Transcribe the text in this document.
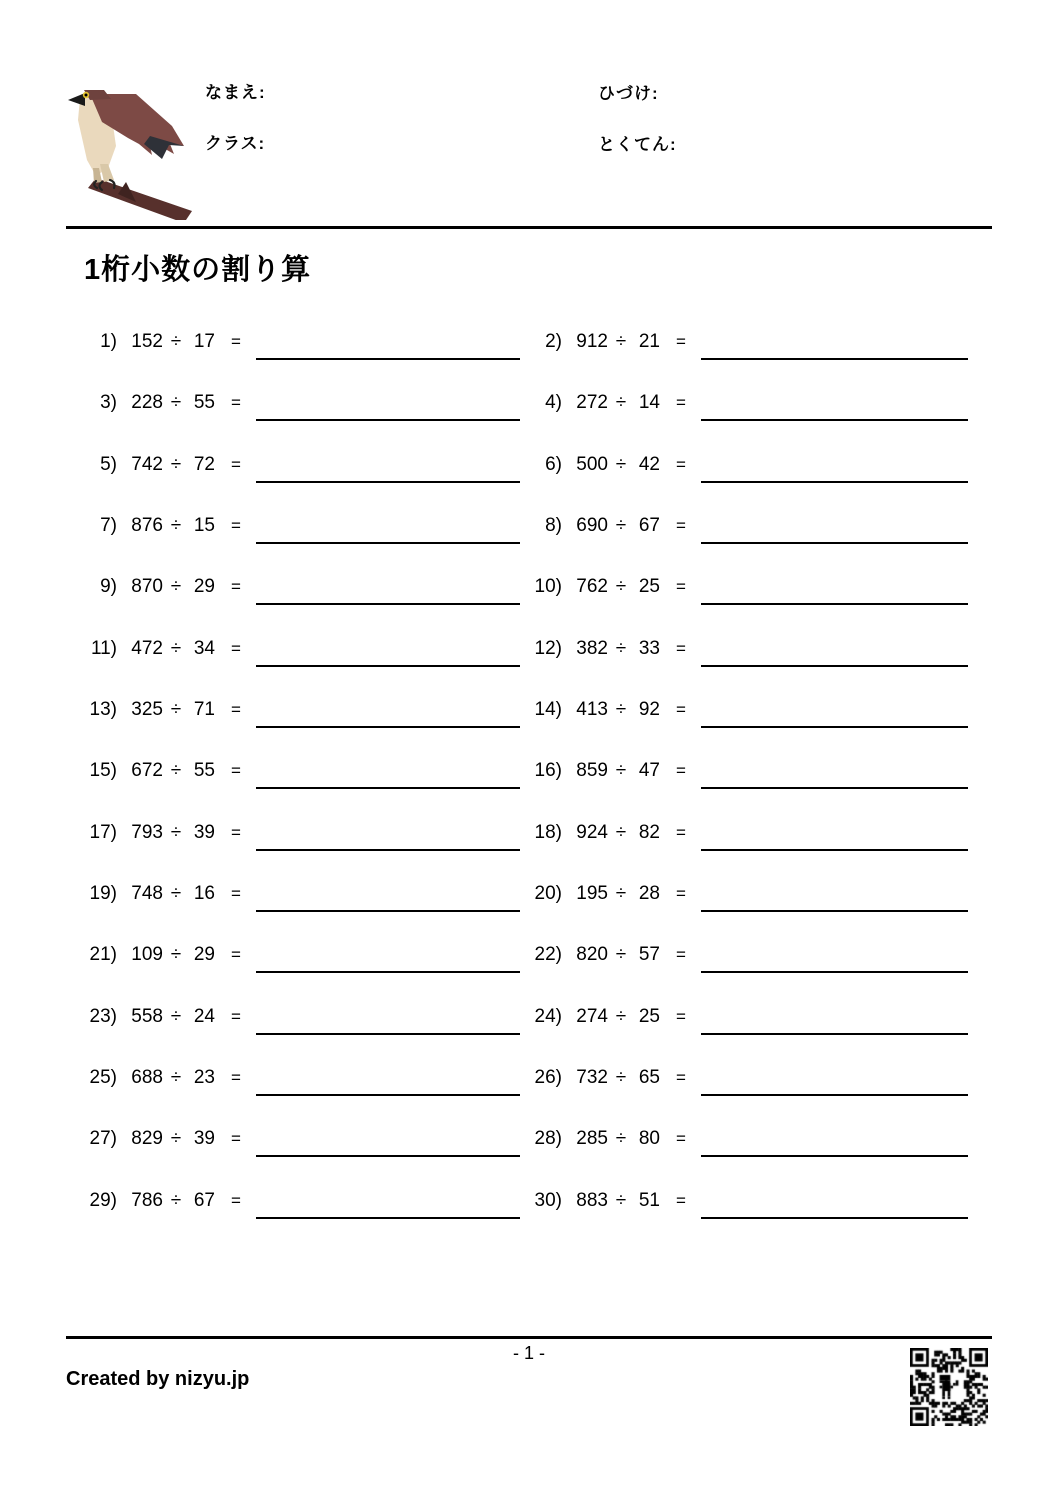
なまえ:
クラス:
ひづけ:
とくてん:
1桁小数の割り算
1) 152 ÷ 17 =	2) 912 ÷ 21 =
3) 228 ÷ 55 =	4) 272 ÷ 14 =
5) 742 ÷ 72 =	6) 500 ÷ 42 =
7) 876 ÷ 15 =	8) 690 ÷ 67 =
9) 870 ÷ 29 =	10) 762 ÷ 25 =
11) 472 ÷ 34 =	12) 382 ÷ 33 =
13) 325 ÷ 71 =	14) 413 ÷ 92 =
15) 672 ÷ 55 =	16) 859 ÷ 47 =
17) 793 ÷ 39 =	18) 924 ÷ 82 =
19) 748 ÷ 16 =	20) 195 ÷ 28 =
21) 109 ÷ 29 =	22) 820 ÷ 57 =
23) 558 ÷ 24 =	24) 274 ÷ 25 =
25) 688 ÷ 23 =	26) 732 ÷ 65 =
27) 829 ÷ 39 =	28) 285 ÷ 80 =
29) 786 ÷ 67 =	30) 883 ÷ 51 =
- 1 -
Created by nizyu.jp
